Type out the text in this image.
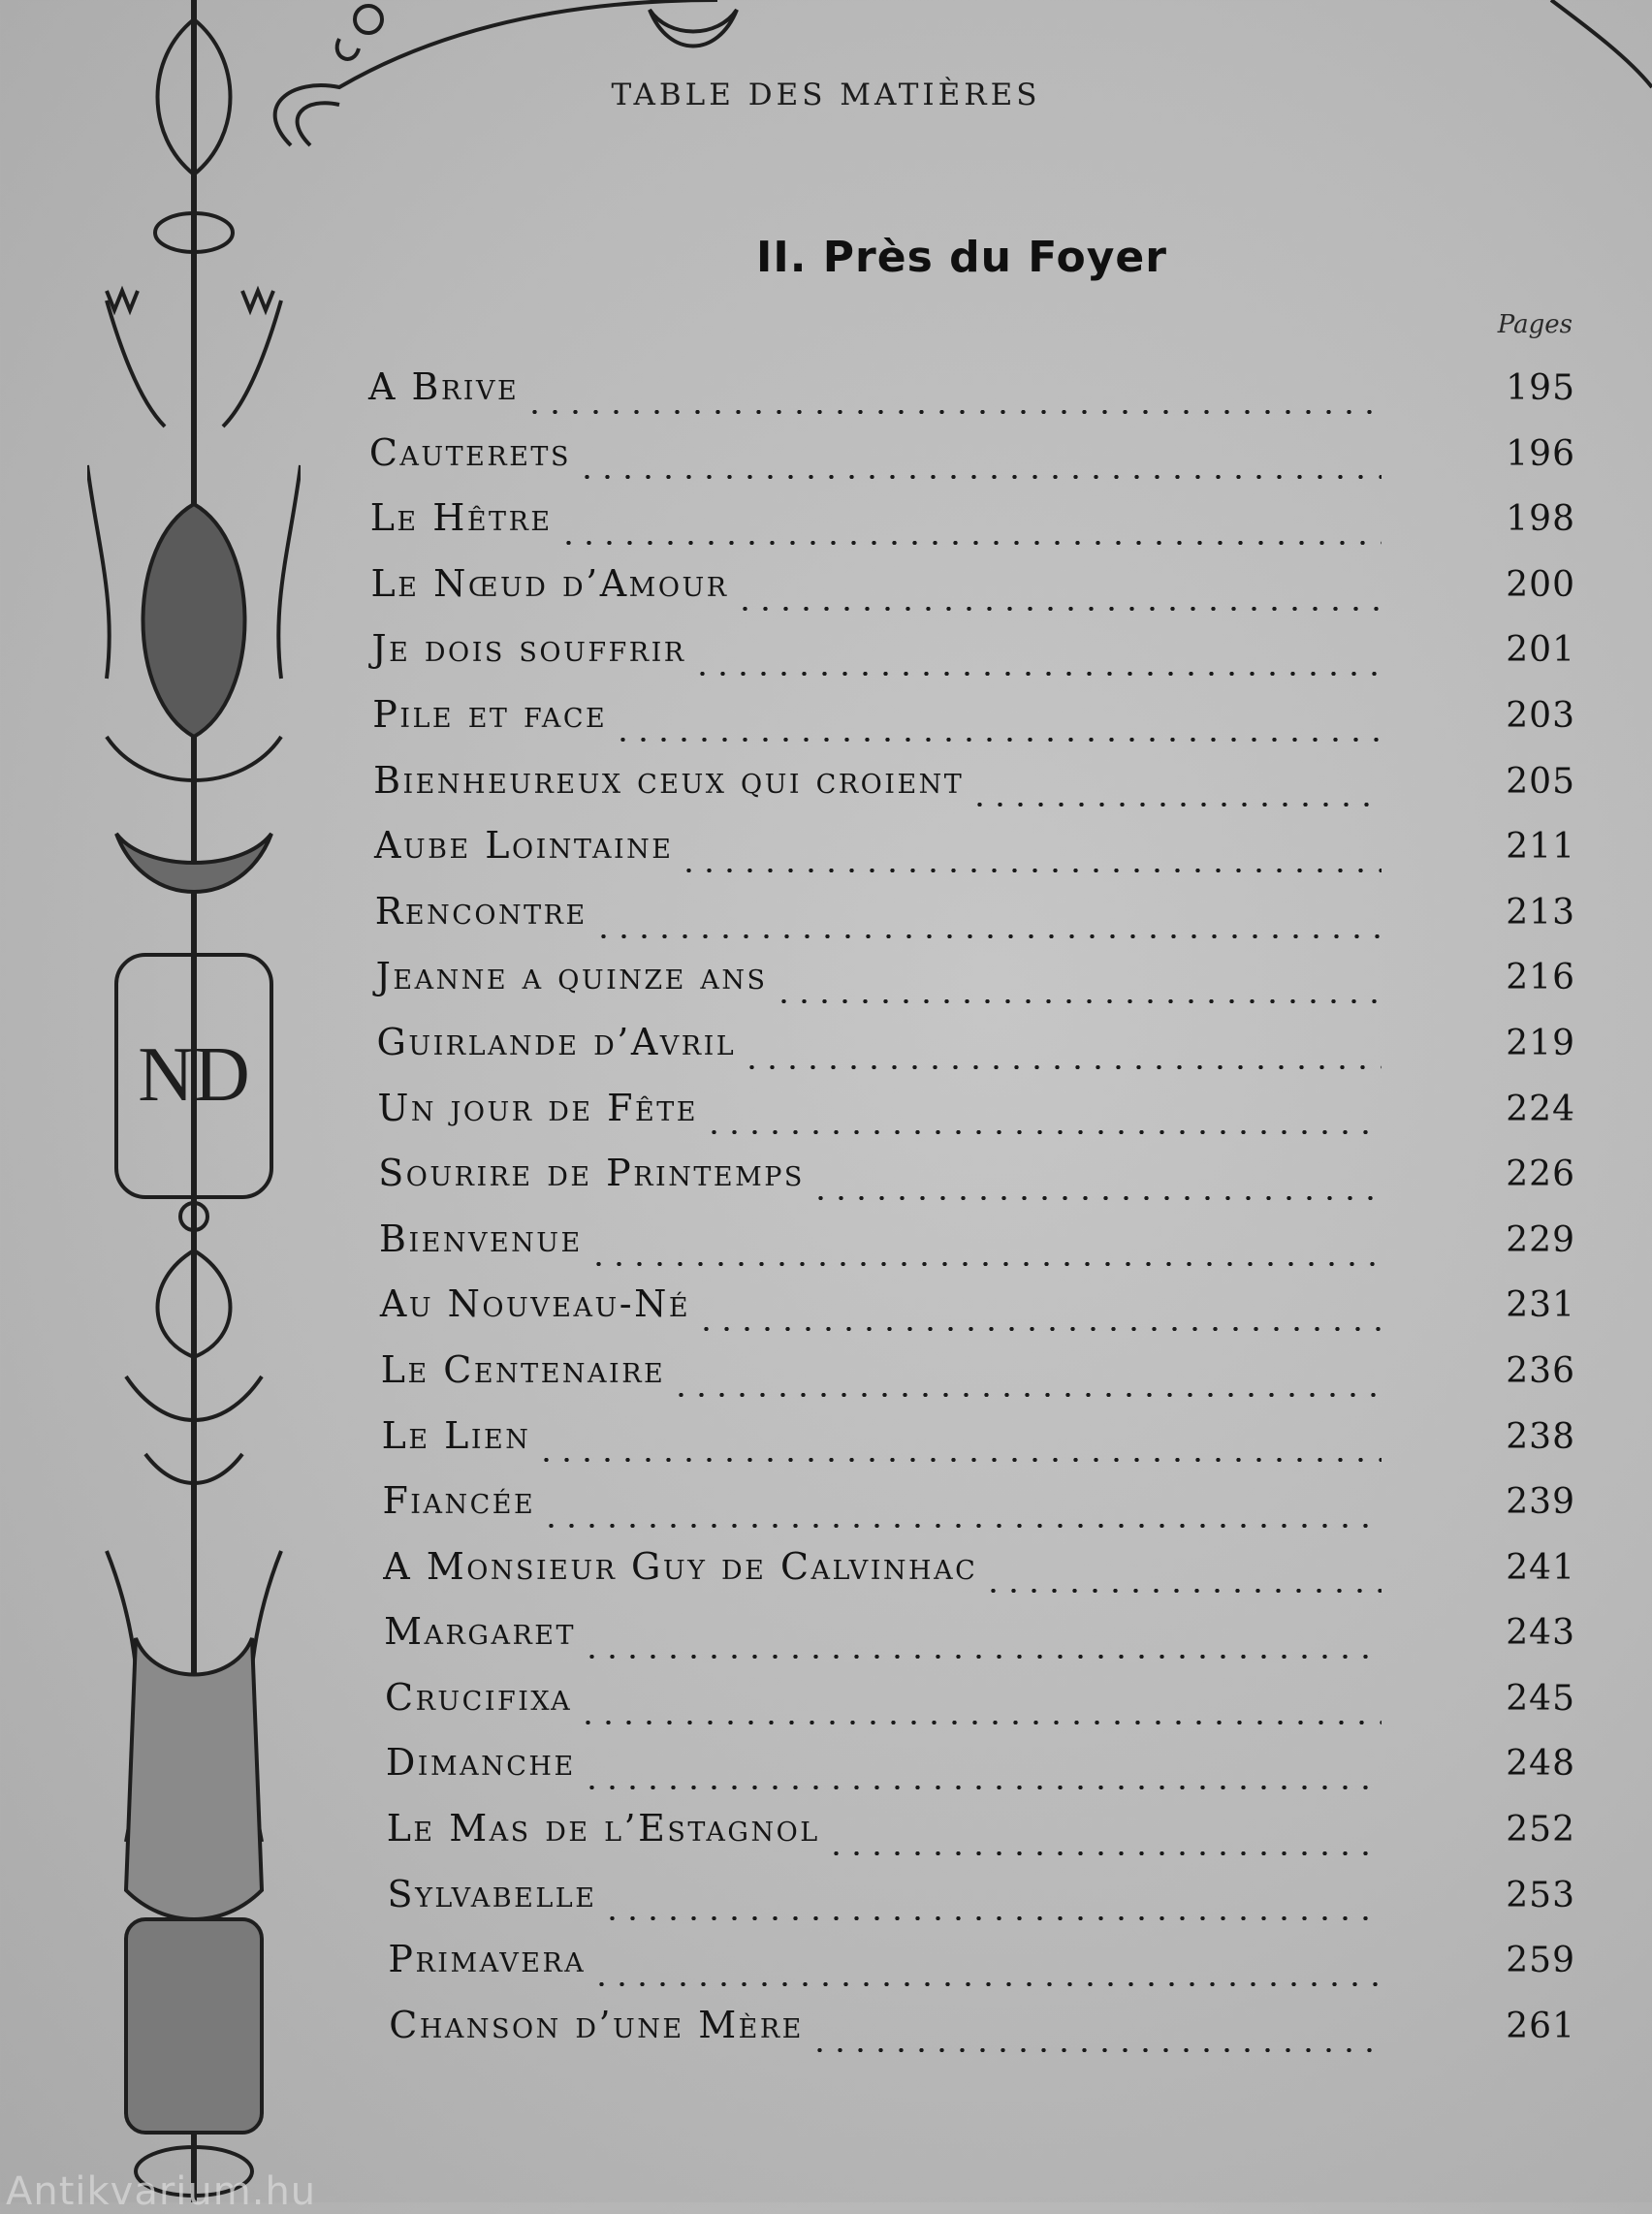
ND
TABLE DES MATIÈRES
II. Près du Foyer
Pages
A Brive	195
Cauterets	196
Le Hêtre	198
Le Nœud d’Amour	200
Je dois souffrir	201
Pile et face	203
Bienheureux ceux qui croient	205
Aube Lointaine	211
Rencontre	213
Jeanne a quinze ans	216
Guirlande d’Avril	219
Un jour de Fête	224
Sourire de Printemps	226
Bienvenue	229
Au Nouveau-Né	231
Le Centenaire	236
Le Lien	238
Fiancée	239
A Monsieur Guy de Calvinhac	241
Margaret	243
Crucifixa	245
Dimanche	248
Le Mas de l’Estagnol	252
Sylvabelle	253
Primavera	259
Chanson d’une Mère	261
Antikvarium.hu
